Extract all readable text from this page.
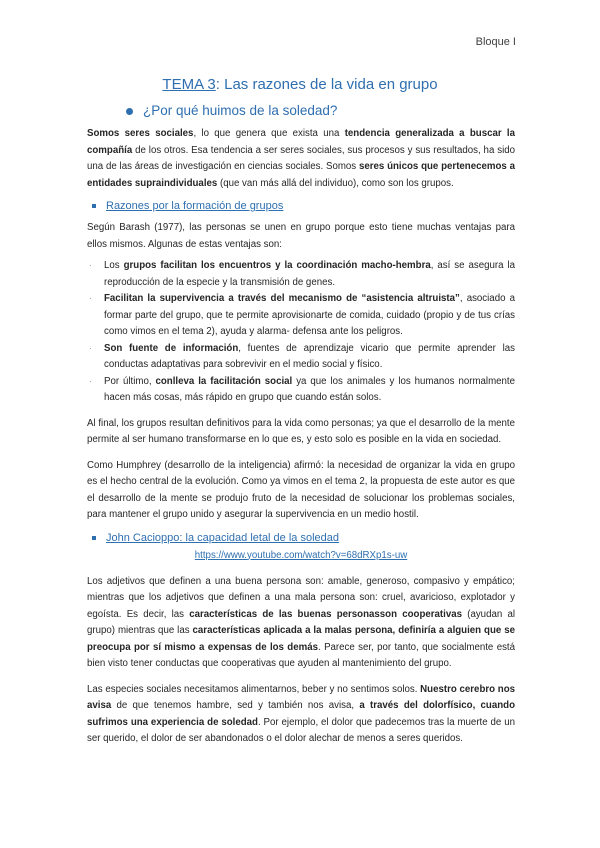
Bloque I
TEMA 3: Las razones de la vida en grupo
¿Por qué huimos de la soledad?

Somos seres sociales, lo que genera que exista una tendencia generalizada a buscar la compañía de los otros. Esa tendencia a ser seres sociales, sus procesos y sus resultados, ha sido una de las áreas de investigación en ciencias sociales. Somos seres únicos que pertenecemos a entidades supraindividuales (que van más allá del individuo), como son los grupos.

Razones por la formación de grupos

Según Barash (1977), las personas se unen en grupo porque esto tiene muchas ventajas para ellos mismos. Algunas de estas ventajas son:

· Los grupos facilitan los encuentros y la coordinación macho-hembra, así se asegura la reproducción de la especie y la transmisión de genes.

· Facilitan la supervivencia a través del mecanismo de “asistencia altruista”, asociado a formar parte del grupo, que te permite aprovisionarte de comida, cuidado (propio y de tus crías como vimos en el tema 2), ayuda y alarma- defensa ante los peligros.

· Son fuente de información, fuentes de aprendizaje vicario que permite aprender las conductas adaptativas para sobrevivir en el medio social y físico.

· Por último, conlleva la facilitación social ya que los animales y los humanos normalmente hacen más cosas, más rápido en grupo que cuando están solos.

Al final, los grupos resultan definitivos para la vida como personas; ya que el desarrollo de la mente permite al ser humano transformarse en lo que es, y esto solo es posible en la vida en sociedad.

Como Humphrey (desarrollo de la inteligencia) afirmó: la necesidad de organizar la vida en grupo es el hecho central de la evolución. Como ya vimos en el tema 2, la propuesta de este autor es que el desarrollo de la mente se produjo fruto de la necesidad de solucionar los problemas sociales, para mantener el grupo unido y asegurar la supervivencia en un medio hostil.

John Cacioppo: la capacidad letal de la soledad
https://www.youtube.com/watch?v=68dRXp1s-uw

Los adjetivos que definen a una buena persona son: amable, generoso, compasivo y empático; mientras que los adjetivos que definen a una mala persona son: cruel, avaricioso, explotador y egoísta. Es decir, las características de las buenas personasson cooperativas (ayudan al grupo) mientras que las características aplicada a la malas persona, definiría a alguien que se preocupa por sí mismo a expensas de los demás. Parece ser, por tanto, que socialmente está bien visto tener conductas que cooperativas que ayuden al mantenimiento del grupo.

Las especies sociales necesitamos alimentarnos, beber y no sentimos solos. Nuestro cerebro nos avisa de que tenemos hambre, sed y también nos avisa, a través del dolorfísico, cuando sufrimos una experiencia de soledad. Por ejemplo, el dolor que padecemos tras la muerte de un ser querido, el dolor de ser abandonados o el dolor alechar de menos a seres queridos.
